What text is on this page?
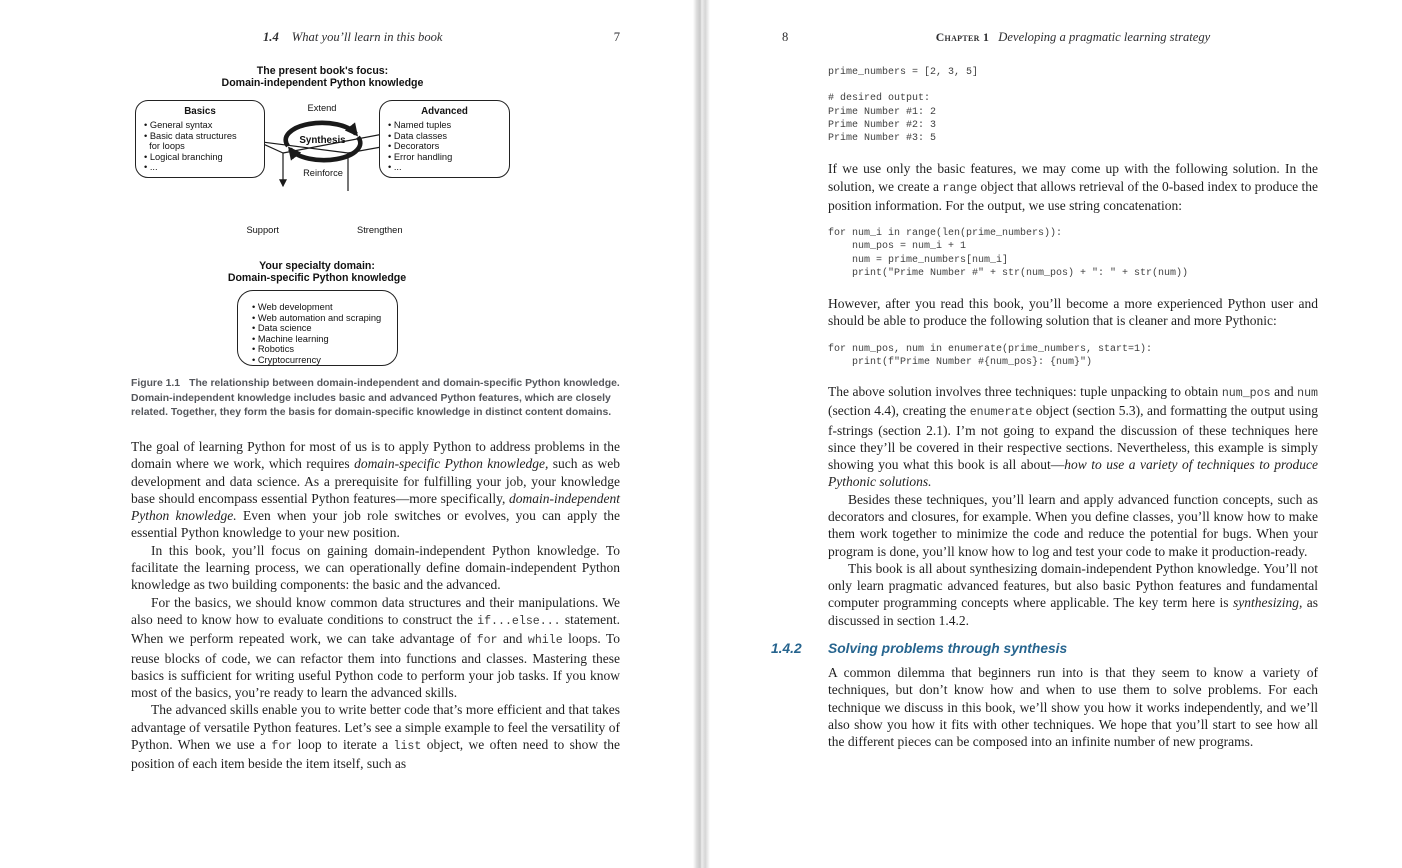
1.4 What you’ll learn in this book	7
The present book's focus:
Domain-independent Python knowledge
Basics
• General syntax
• Basic data structures
for loops
• Logical branching
• ...
Advanced
• Named tuples
• Data classes
• Decorators
• Error handling
• ...
Extend
Synthesis
Reinforce
Support	Strengthen
Your specialty domain:
Domain-specific Python knowledge
• Web development
• Web automation and scraping
• Data science
• Machine learning
• Robotics
• Cryptocurrency
Figure 1.1 The relationship between domain-independent and domain-specific Python knowledge. Domain-independent knowledge includes basic and advanced Python features, which are closely related. Together, they form the basis for domain-specific knowledge in distinct content domains.

The goal of learning Python for most of us is to apply Python to address problems in the domain where we work, which requires domain-specific Python knowledge, such as web development and data science. As a prerequisite for fulfilling your job, your knowledge base should encompass essential Python features—more specifically, domain-independent Python knowledge. Even when your job role switches or evolves, you can apply the essential Python knowledge to your new position.

In this book, you’ll focus on gaining domain-independent Python knowledge. To facilitate the learning process, we can operationally define domain-independent Python knowledge as two building components: the basic and the advanced.

For the basics, we should know common data structures and their manipulations. We also need to know how to evaluate conditions to construct the if...else... statement. When we perform repeated work, we can take advantage of for and while loops. To reuse blocks of code, we can refactor them into functions and classes. Mastering these basics is sufficient for writing useful Python code to perform your job tasks. If you know most of the basics, you’re ready to learn the advanced skills.

The advanced skills enable you to write better code that’s more efficient and that takes advantage of versatile Python features. Let’s see a simple example to feel the versatility of Python. When we use a for loop to iterate a list object, we often need to show the position of each item beside the item itself, such as

8	Chapter 1 Developing a pragmatic learning strategy
prime_numbers = [2, 3, 5]
# desired output:
Prime Number #1: 2
Prime Number #2: 3
Prime Number #3: 5

If we use only the basic features, we may come up with the following solution. In the solution, we create a range object that allows retrieval of the 0-based index to produce the position information. For the output, we use string concatenation:

for num_i in range(len(prime_numbers)):
num_pos = num_i + 1
num = prime_numbers[num_i]
print("Prime Number #" + str(num_pos) + ": " + str(num))

However, after you read this book, you’ll become a more experienced Python user and should be able to produce the following solution that is cleaner and more Pythonic:

for num_pos, num in enumerate(prime_numbers, start=1):
print(f"Prime Number #{num_pos}: {num}")

The above solution involves three techniques: tuple unpacking to obtain num_pos and num (section 4.4), creating the enumerate object (section 5.3), and formatting the output using f-strings (section 2.1). I’m not going to expand the discussion of these techniques here since they’ll be covered in their respective sections. Nevertheless, this example is simply showing you what this book is all about—how to use a variety of techniques to produce Pythonic solutions.

Besides these techniques, you’ll learn and apply advanced function concepts, such as decorators and closures, for example. When you define classes, you’ll know how to make them work together to minimize the code and reduce the potential for bugs. When your program is done, you’ll know how to log and test your code to make it production-ready.

This book is all about synthesizing domain-independent Python knowledge. You’ll not only learn pragmatic advanced features, but also basic Python features and fundamental computer programming concepts where applicable. The key term here is synthesizing, as discussed in section 1.4.2.

1.4.2	Solving problems through synthesis

A common dilemma that beginners run into is that they seem to know a variety of techniques, but don’t know how and when to use them to solve problems. For each technique we discuss in this book, we’ll show you how it works independently, and we’ll also show you how it fits with other techniques. We hope that you’ll start to see how all the different pieces can be composed into an infinite number of new programs.
